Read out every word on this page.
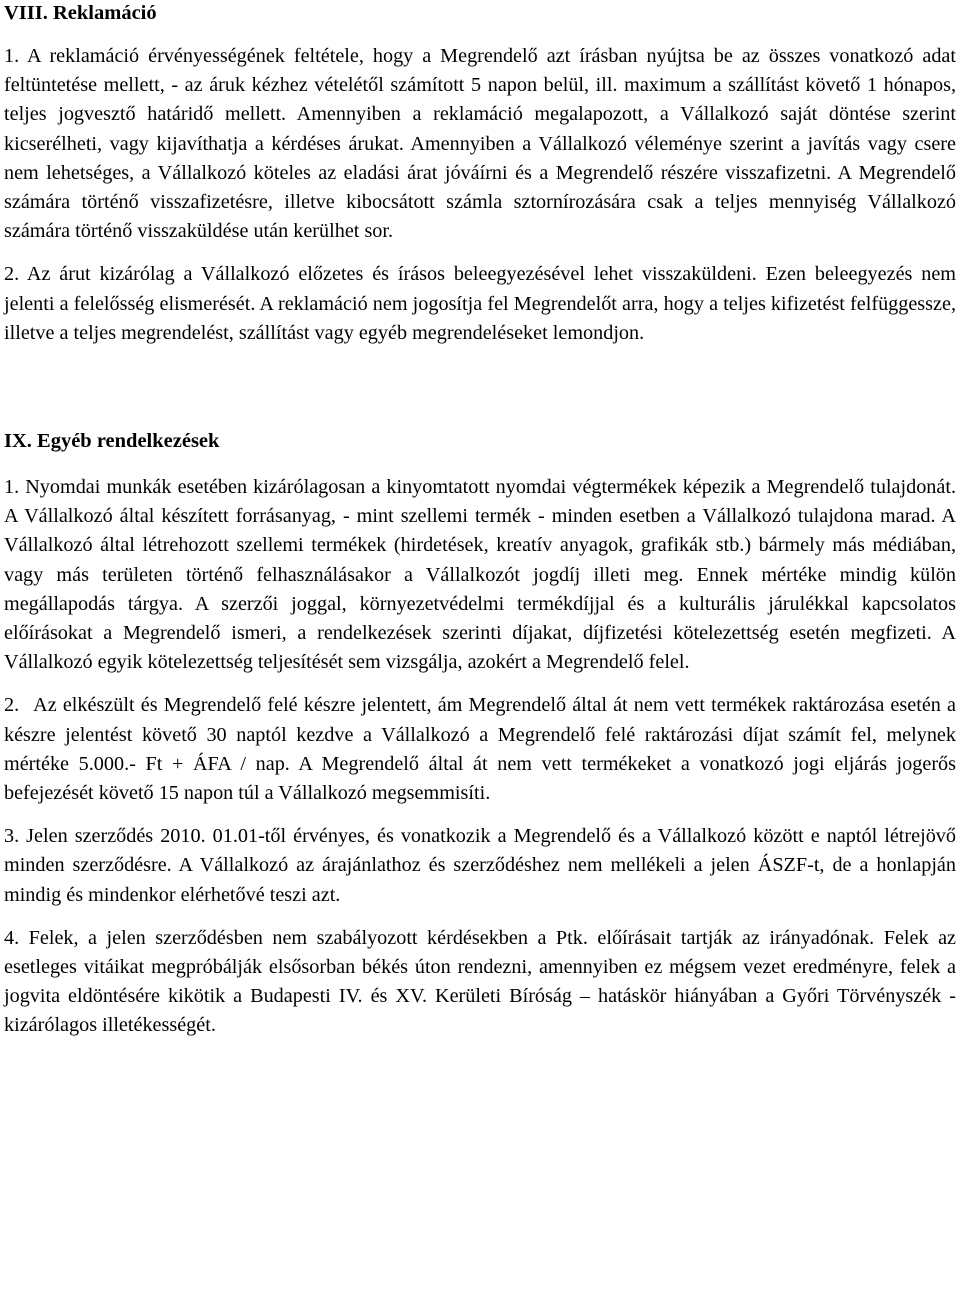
VIII. Reklamáció

1. A reklamáció érvényességének feltétele, hogy a Megrendelő azt írásban nyújtsa be az összes vonatkozó adat feltüntetése mellett, - az áruk kézhez vételétől számított 5 napon belül, ill. maximum a szállítást követő 1 hónapos, teljes jogvesztő határidő mellett. Amennyiben a reklamáció megalapozott, a Vállalkozó saját döntése szerint kicserélheti, vagy kijavíthatja a kérdéses árukat. Amennyiben a Vállalkozó véleménye szerint a javítás vagy csere nem lehetséges, a Vállalkozó köteles az eladási árat jóváírni és a Megrendelő részére visszafizetni. A Megrendelő számára történő visszafizetésre, illetve kibocsátott számla sztornírozására csak a teljes mennyiség Vállalkozó számára történő visszaküldése után kerülhet sor.

2. Az árut kizárólag a Vállalkozó előzetes és írásos beleegyezésével lehet visszaküldeni. Ezen beleegyezés nem jelenti a felelősség elismerését. A reklamáció nem jogosítja fel Megrendelőt arra, hogy a teljes kifizetést felfüggessze, illetve a teljes megrendelést, szállítást vagy egyéb megrendeléseket lemondjon.

IX. Egyéb rendelkezések

1. Nyomdai munkák esetében kizárólagosan a kinyomtatott nyomdai végtermékek képezik a Megrendelő tulajdonát. A Vállalkozó által készített forrásanyag, - mint szellemi termék - minden esetben a Vállalkozó tulajdona marad. A Vállalkozó által létrehozott szellemi termékek (hirdetések, kreatív anyagok, grafikák stb.) bármely más médiában, vagy más területen történő felhasználásakor a Vállalkozót jogdíj illeti meg. Ennek mértéke mindig külön megállapodás tárgya. A szerzői joggal, környezetvédelmi termékdíjjal és a kulturális járulékkal kapcsolatos előírásokat a Megrendelő ismeri, a rendelkezések szerinti díjakat, díjfizetési kötelezettség esetén megfizeti. A Vállalkozó egyik kötelezettség teljesítését sem vizsgálja, azokért a Megrendelő felel.

2. Az elkészült és Megrendelő felé készre jelentett, ám Megrendelő által át nem vett termékek raktározása esetén a készre jelentést követő 30 naptól kezdve a Vállalkozó a Megrendelő felé raktározási díjat számít fel, melynek mértéke 5.000.- Ft + ÁFA / nap. A Megrendelő által át nem vett termékeket a vonatkozó jogi eljárás jogerős befejezését követő 15 napon túl a Vállalkozó megsemmisíti.

3. Jelen szerződés 2010. 01.01-től érvényes, és vonatkozik a Megrendelő és a Vállalkozó között e naptól létrejövő minden szerződésre. A Vállalkozó az árajánlathoz és szerződéshez nem mellékeli a jelen ÁSZF-t, de a honlapján mindig és mindenkor elérhetővé teszi azt.

4. Felek, a jelen szerződésben nem szabályozott kérdésekben a Ptk. előírásait tartják az irányadónak. Felek az esetleges vitáikat megpróbálják elsősorban békés úton rendezni, amennyiben ez mégsem vezet eredményre, felek a jogvita eldöntésére kikötik a Budapesti IV. és XV. Kerületi Bíróság – hatáskör hiányában a Győri Törvényszék - kizárólagos illetékességét.
